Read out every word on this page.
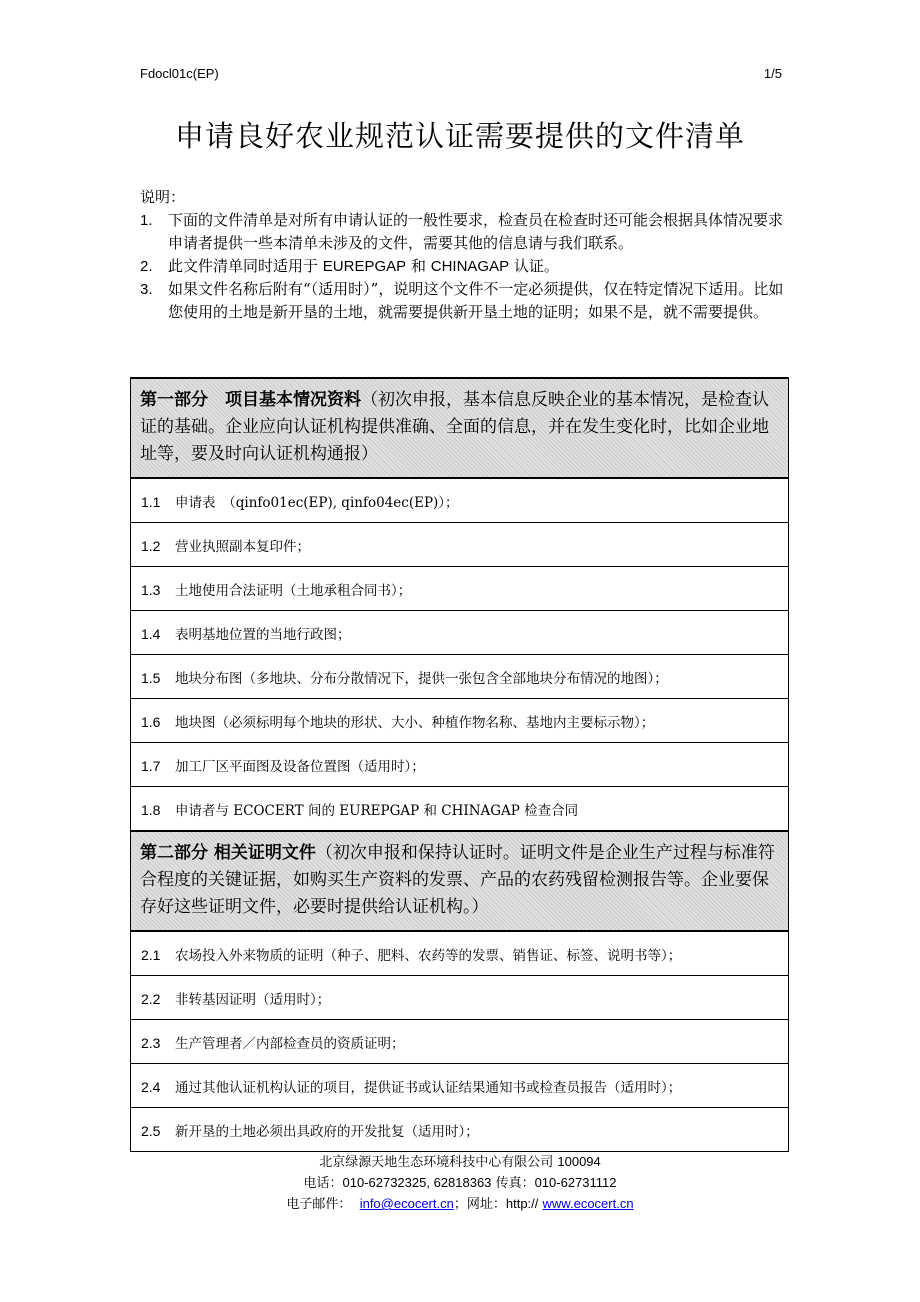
Fdocl01c(EP)	1/5
申请良好农业规范认证需要提供的文件清单
说明：
1.	下面的文件清单是对所有申请认证的一般性要求，检查员在检查时还可能会根据具体情况要求申请者提供一些本清单未涉及的文件，需要其他的信息请与我们联系。
2.	此文件清单同时适用于 EUREPGAP 和 CHINAGAP 认证。
3.	如果文件名称后附有“（适用时）”，说明这个文件不一定必须提供，仅在特定情况下适用。比如您使用的土地是新开垦的土地，就需要提供新开垦土地的证明；如果不是，就不需要提供。
第一部分　项目基本情况资料（初次申报，基本信息反映企业的基本情况，是检查认证的基础。企业应向认证机构提供准确、全面的信息，并在发生变化时，比如企业地址等，要及时向认证机构通报）
1.1 申请表　（qinfo01ec(EP), qinfo04ec(EP)）；
1.2 营业执照副本复印件；
1.3 土地使用合法证明（土地承租合同书）；
1.4 表明基地位置的当地行政图；
1.5 地块分布图（多地块、分布分散情况下，提供一张包含全部地块分布情况的地图）；
1.6 地块图（必须标明每个地块的形状、大小、种植作物名称、基地内主要标示物）；
1.7 加工厂区平面图及设备位置图（适用时）；
1.8 申请者与 ECOCERT 间的 EUREPGAP 和 CHINAGAP 检查合同
第二部分 相关证明文件（初次申报和保持认证时。证明文件是企业生产过程与标准符合程度的关键证据，如购买生产资料的发票、产品的农药残留检测报告等。企业要保存好这些证明文件，必要时提供给认证机构。）
2.1 农场投入外来物质的证明（种子、肥料、农药等的发票、销售证、标签、说明书等）；
2.2 非转基因证明（适用时）；
2.3 生产管理者／内部检查员的资质证明；
2.4 通过其他认证机构认证的项目，提供证书或认证结果通知书或检查员报告（适用时）；
2.5 新开垦的土地必须出具政府的开发批复（适用时）；
北京绿源天地生态环境科技中心有限公司 100094
电话：010-62732325, 62818363 传真：010-62731112
电子邮件： info@ecocert.cn；网址：http:// www.ecocert.cn
